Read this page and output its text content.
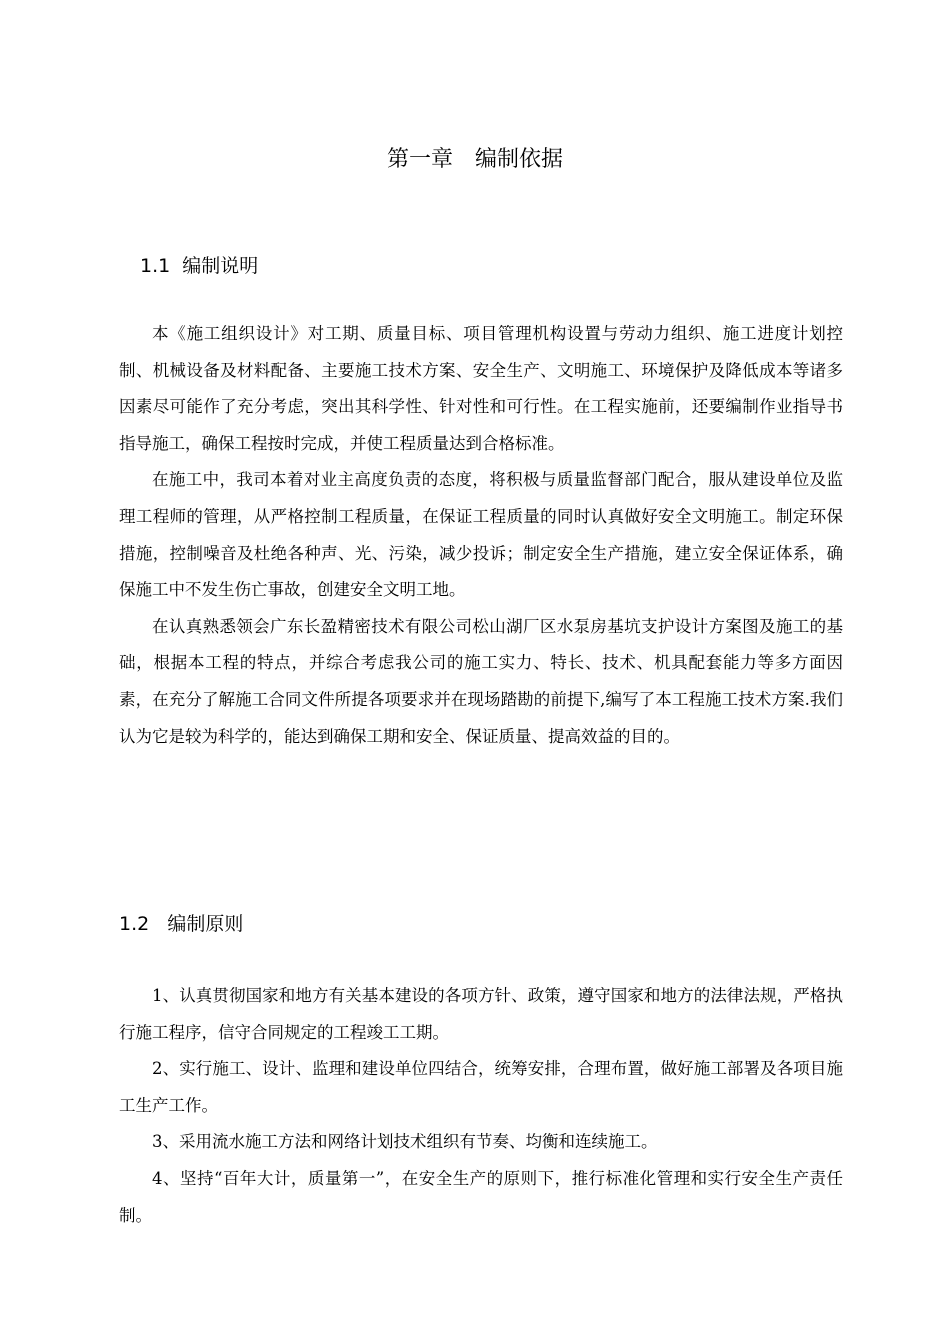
第一章　编制依据
1.1  编制说明

本《施工组织设计》对工期、质量目标、项目管理机构设置与劳动力组织、施工进度计划控制、机械设备及材料配备、主要施工技术方案、安全生产、文明施工、环境保护及降低成本等诸多因素尽可能作了充分考虑，突出其科学性、针对性和可行性。在工程实施前，还要编制作业指导书指导施工，确保工程按时完成，并使工程质量达到合格标准。

在施工中，我司本着对业主高度负责的态度，将积极与质量监督部门配合，服从建设单位及监理工程师的管理，从严格控制工程质量，在保证工程质量的同时认真做好安全文明施工。制定环保措施，控制噪音及杜绝各种声、光、污染，减少投诉；制定安全生产措施，建立安全保证体系，确保施工中不发生伤亡事故，创建安全文明工地。

在认真熟悉领会广东长盈精密技术有限公司松山湖厂区水泵房基坑支护设计方案图及施工的基础，根据本工程的特点，并综合考虑我公司的施工实力、特长、技术、机具配套能力等多方面因素，在充分了解施工合同文件所提各项要求并在现场踏勘的前提下,编写了本工程施工技术方案.我们认为它是较为科学的，能达到确保工期和安全、保证质量、提高效益的目的。

1.2   编制原则

1、认真贯彻国家和地方有关基本建设的各项方针、政策，遵守国家和地方的法律法规，严格执行施工程序，信守合同规定的工程竣工工期。

2、实行施工、设计、监理和建设单位四结合，统筹安排，合理布置，做好施工部署及各项目施工生产工作。

3、采用流水施工方法和网络计划技术组织有节奏、均衡和连续施工。

4、坚持“百年大计，质量第一”，在安全生产的原则下，推行标准化管理和实行安全生产责任制。
